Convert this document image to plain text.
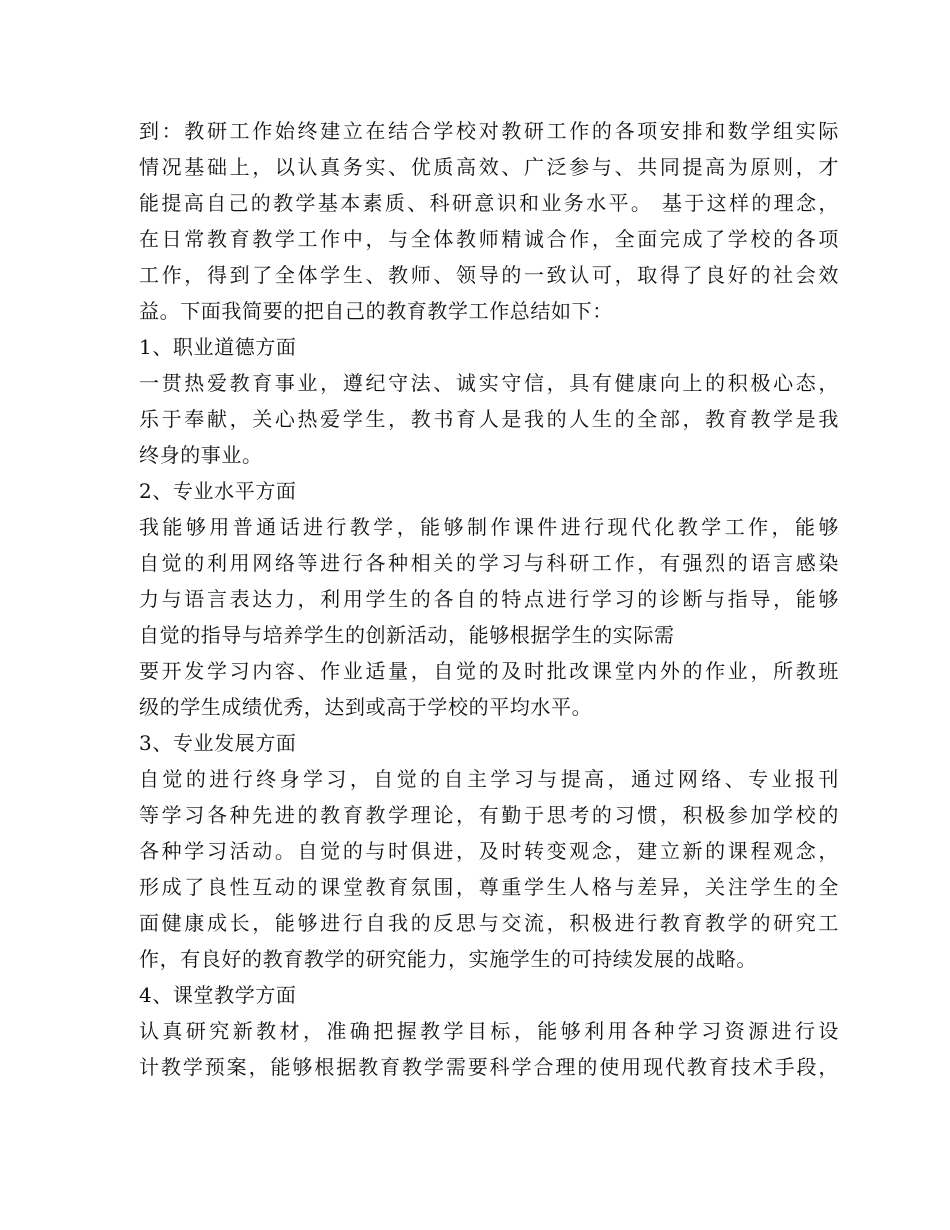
到：教研工作始终建立在结合学校对教研工作的各项安排和数学组实际
情况基础上，以认真务实、优质高效、广泛参与、共同提高为原则，才
能提高自己的教学基本素质、科研意识和业务水平。 基于这样的理念，
在日常教育教学工作中，与全体教师精诚合作，全面完成了学校的各项
工作，得到了全体学生、教师、领导的一致认可，取得了良好的社会效
益。下面我简要的把自己的教育教学工作总结如下：
1、职业道德方面
一贯热爱教育事业，遵纪守法、诚实守信，具有健康向上的积极心态，
乐于奉献，关心热爱学生，教书育人是我的人生的全部，教育教学是我
终身的事业。
2、专业水平方面
我能够用普通话进行教学，能够制作课件进行现代化教学工作，能够
自觉的利用网络等进行各种相关的学习与科研工作，有强烈的语言感染
力与语言表达力，利用学生的各自的特点进行学习的诊断与指导，能够
自觉的指导与培养学生的创新活动，能够根据学生的实际需
要开发学习内容、作业适量，自觉的及时批改课堂内外的作业，所教班
级的学生成绩优秀，达到或高于学校的平均水平。
3、专业发展方面
自觉的进行终身学习，自觉的自主学习与提高，通过网络、专业报刊
等学习各种先进的教育教学理论，有勤于思考的习惯，积极参加学校的
各种学习活动。自觉的与时俱进，及时转变观念，建立新的课程观念，
形成了良性互动的课堂教育氛围，尊重学生人格与差异，关注学生的全
面健康成长，能够进行自我的反思与交流，积极进行教育教学的研究工
作，有良好的教育教学的研究能力，实施学生的可持续发展的战略。
4、课堂教学方面
认真研究新教材，准确把握教学目标，能够利用各种学习资源进行设
计教学预案，能够根据教育教学需要科学合理的使用现代教育技术手段，
